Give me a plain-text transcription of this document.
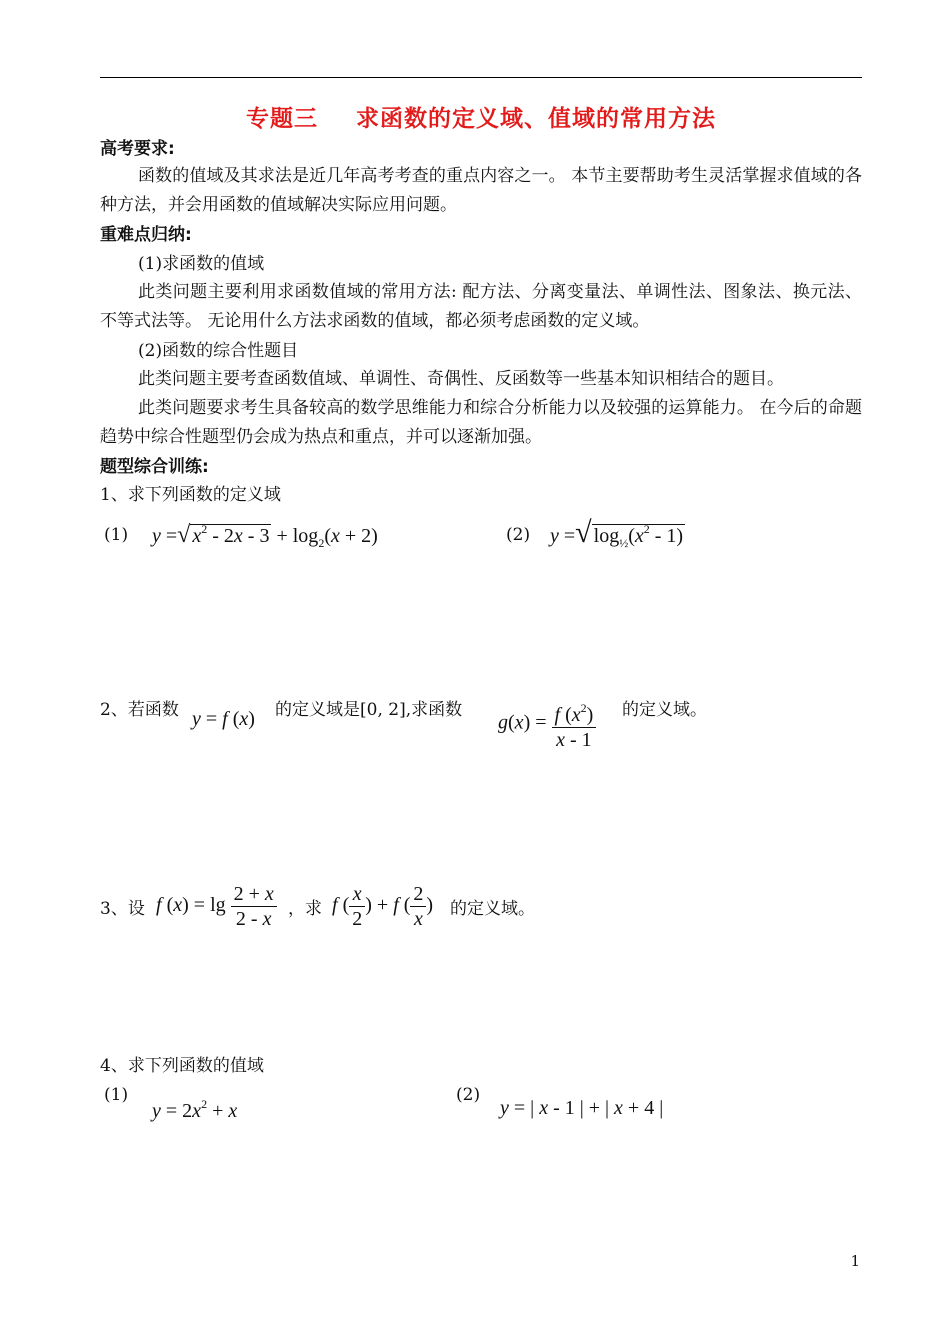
专题三 求函数的定义域、值域的常用方法
高考要求:
函数的值域及其求法是近几年高考考查的重点内容之一。 本节主要帮助考生灵活掌握求值域的各种方法，并会用函数的值域解决实际应用问题。
重难点归纳:
(1)求函数的值域
此类问题主要利用求函数值域的常用方法: 配方法、分离变量法、单调性法、图象法、换元法、不等式法等。 无论用什么方法求函数的值域，都必须考虑函数的定义域。
(2)函数的综合性题目
此类问题主要考查函数值域、单调性、奇偶性、反函数等一些基本知识相结合的题目。
此类问题要求考生具备较高的数学思维能力和综合分析能力以及较强的运算能力。 在今后的命题趋势中综合性题型仍会成为热点和重点，并可以逐渐加强。
题型综合训练:
1、求下列函数的定义域
(1) y =√ $x^2 - 2x - 3 + \log_2(x + 2)$	(2) y =√ $\log_{\frac{1}{2}}(x^2 - 1)$
2、若函数 y = f (x) 的定义域是[0, 2],求函数
$g(x) = \frac{f (x^2)}{x - 1}$ 的定义域。
3、设 f $(x) = \lg \frac{2 + x}{2 - x}$ ，求 f ( $\frac{x}{2}$ ) + f ( $\frac{2}{x}$ ) 的定义域。
4、求下列函数的值域
(1)
$y = 2x^2 + x$
(2)
y = | x - 1 | + | x + 4 |
1
